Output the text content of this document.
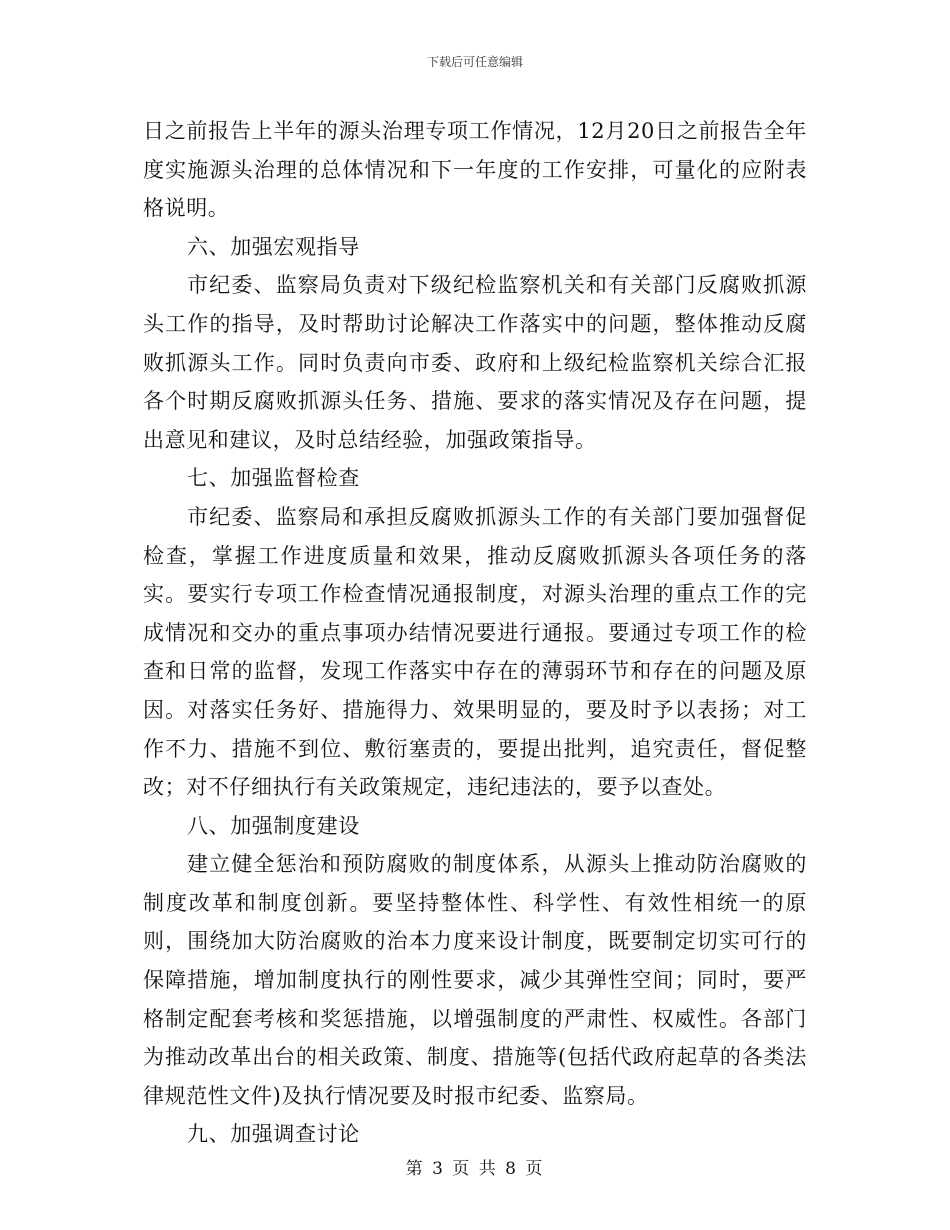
下载后可任意编辑

日之前报告上半年的源头治理专项工作情况，12月20日之前报告全年度实施源头治理的总体情况和下一年度的工作安排，可量化的应附表格说明。

六、加强宏观指导

市纪委、监察局负责对下级纪检监察机关和有关部门反腐败抓源头工作的指导，及时帮助讨论解决工作落实中的问题，整体推动反腐败抓源头工作。同时负责向市委、政府和上级纪检监察机关综合汇报各个时期反腐败抓源头任务、措施、要求的落实情况及存在问题，提出意见和建议，及时总结经验，加强政策指导。

七、加强监督检查

市纪委、监察局和承担反腐败抓源头工作的有关部门要加强督促检查，掌握工作进度质量和效果，推动反腐败抓源头各项任务的落实。要实行专项工作检查情况通报制度，对源头治理的重点工作的完成情况和交办的重点事项办结情况要进行通报。要通过专项工作的检查和日常的监督，发现工作落实中存在的薄弱环节和存在的问题及原因。对落实任务好、措施得力、效果明显的，要及时予以表扬；对工作不力、措施不到位、敷衍塞责的，要提出批判，追究责任，督促整改；对不仔细执行有关政策规定，违纪违法的，要予以查处。

八、加强制度建设

建立健全惩治和预防腐败的制度体系，从源头上推动防治腐败的制度改革和制度创新。要坚持整体性、科学性、有效性相统一的原则，围绕加大防治腐败的治本力度来设计制度，既要制定切实可行的保障措施，增加制度执行的刚性要求，减少其弹性空间；同时，要严格制定配套考核和奖惩措施，以增强制度的严肃性、权威性。各部门为推动改革出台的相关政策、制度、措施等(包括代政府起草的各类法律规范性文件)及执行情况要及时报市纪委、监察局。

九、加强调查讨论

第 3 页 共 8 页
